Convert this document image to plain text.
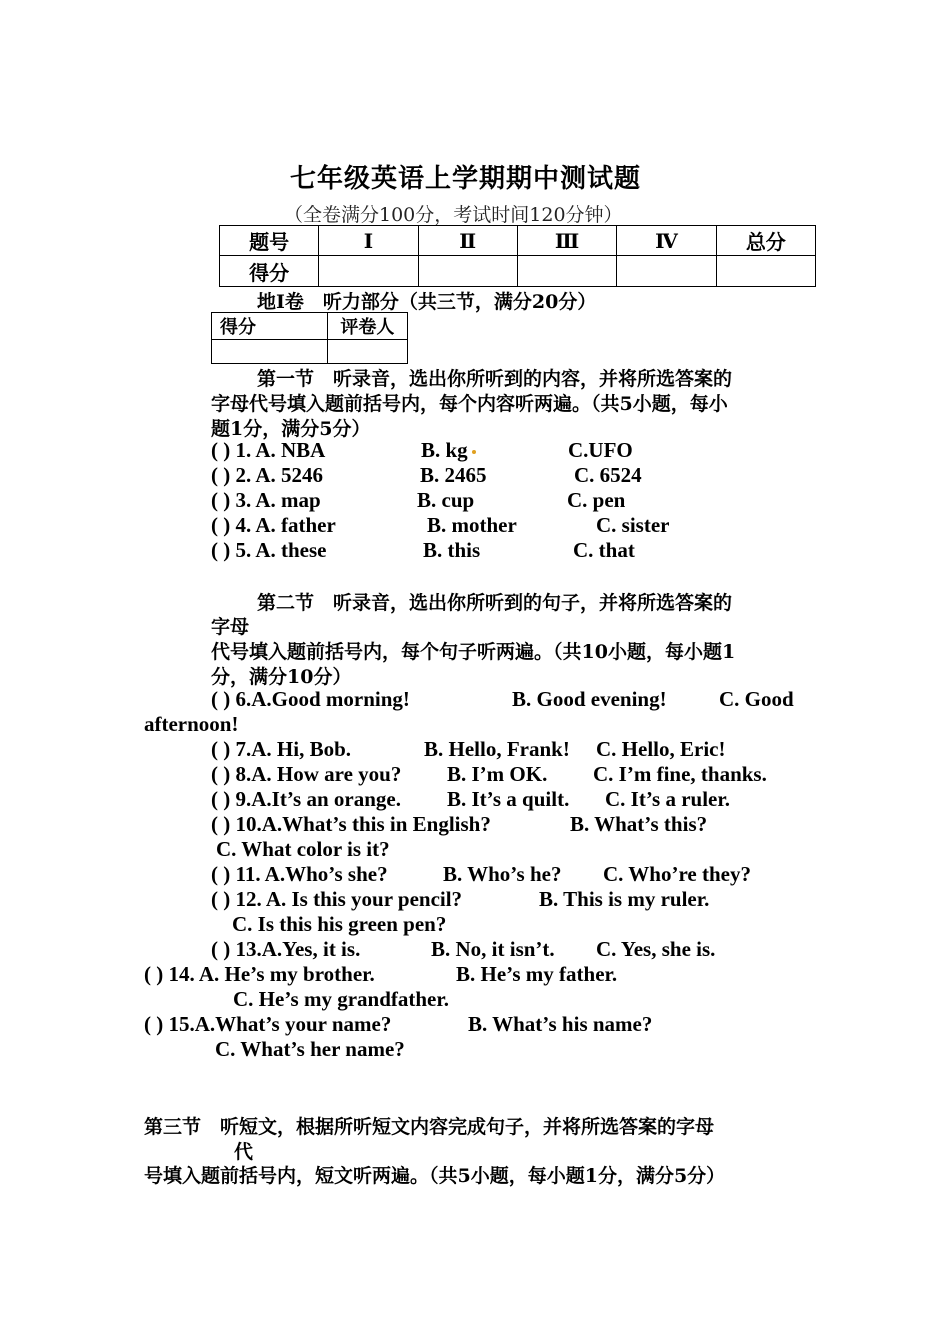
七年级英语上学期期中测试题
（全卷满分100分，考试时间120分钟）
题号	Ⅰ	Ⅱ	Ⅲ	Ⅳ	总分
得分					
地Ⅰ卷　听力部分（共三节，满分20分）
得分	评卷人

第一节　听录音，选出你所听到的内容，并将所选答案的
字母代号填入题前括号内，每个内容听两遍。（共5小题，每小
题1分，满分5分）
( ) 1. A. NBA	B. kg	C.UFO
( ) 2. A. 5246	B. 2465	C. 6524
( ) 3. A. map	B. cup	C. pen
( ) 4. A. father	B. mother	C. sister
( ) 5. A. these	B. this	C. that
第二节　听录音，选出你所听到的句子，并将所选答案的
字母
代号填入题前括号内，每个句子听两遍。（共10小题，每小题1
分，满分10分）
( ) 6.A.Good morning!	B. Good evening! C. Good
afternoon!
( ) 7.A. Hi, Bob.	B. Hello, Frank! C. Hello, Eric!
( ) 8.A. How are you? B. I’m OK. C. I’m fine, thanks.
( ) 9.A.It’s an orange. B. It’s a quilt. C. It’s a ruler.
( ) 10.A.What’s this in English?	B. What’s this?
C. What color is it?
( ) 11. A.Who’s she?	B. Who’s he? C. Who’re they?
( ) 12. A. Is this your pencil?	B. This is my ruler.
C. Is this his green pen?
( ) 13.A.Yes, it is.	B. No, it isn’t. C. Yes, she is.
( ) 14. A. He’s my brother.	B. He’s my father.
C. He’s my grandfather.
( ) 15.A.What’s your name?	B. What’s his name?
C. What’s her name?
第三节　听短文，根据所听短文内容完成句子，并将所选答案的字母
代
号填入题前括号内，短文听两遍。（共5小题，每小题1分，满分5分）
